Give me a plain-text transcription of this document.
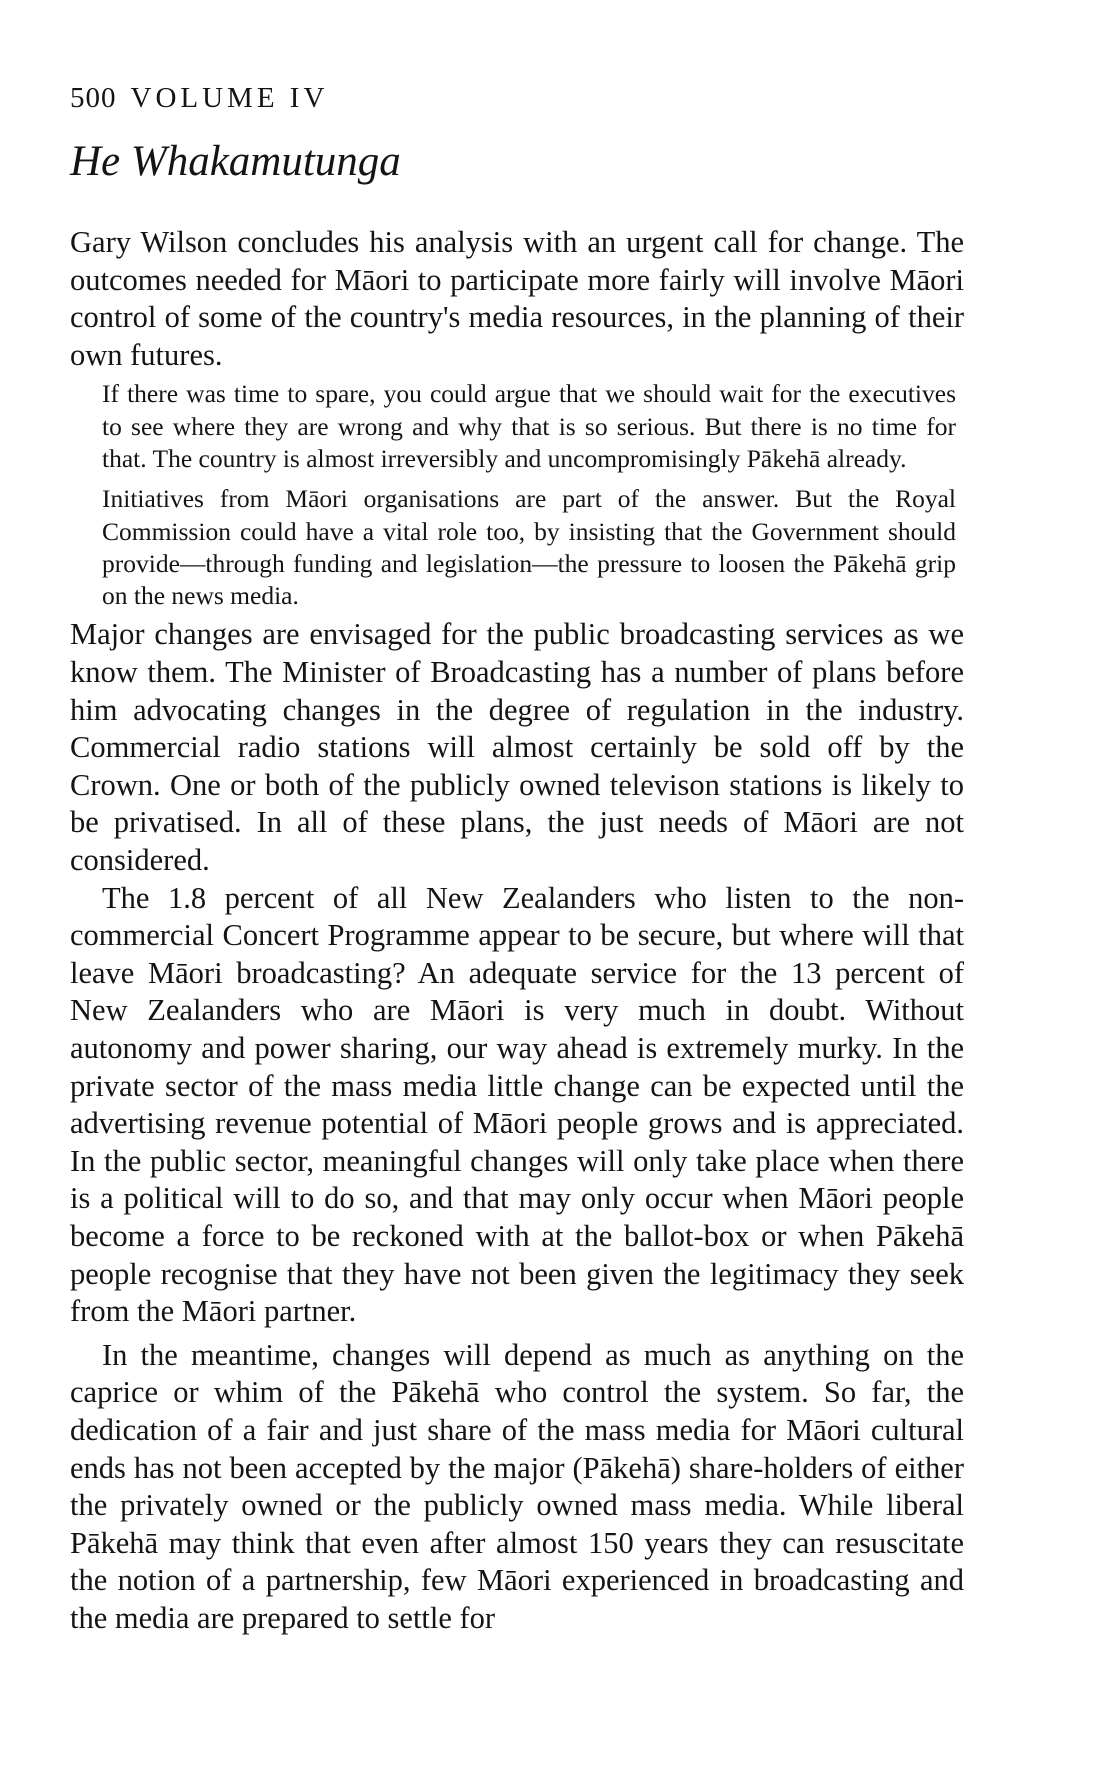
500 VOLUME IV
He Whakamutunga

Gary Wilson concludes his analysis with an urgent call for change. The outcomes needed for Māori to participate more fairly will involve Māori control of some of the country's media resources, in the planning of their own futures.

If there was time to spare, you could argue that we should wait for the executives to see where they are wrong and why that is so serious. But there is no time for that. The country is almost irreversibly and uncompromisingly Pākehā already.

Initiatives from Māori organisations are part of the answer. But the Royal Commission could have a vital role too, by insisting that the Government should provide—through funding and legislation—the pressure to loosen the Pākehā grip on the news media.

Major changes are envisaged for the public broadcasting services as we know them. The Minister of Broadcasting has a number of plans before him advocating changes in the degree of regulation in the industry. Commercial radio stations will almost certainly be sold off by the Crown. One or both of the publicly owned televison stations is likely to be privatised. In all of these plans, the just needs of Māori are not considered.

The 1.8 percent of all New Zealanders who listen to the non-commercial Concert Programme appear to be secure, but where will that leave Māori broadcasting? An adequate service for the 13 percent of New Zealanders who are Māori is very much in doubt. Without autonomy and power sharing, our way ahead is extremely murky. In the private sector of the mass media little change can be expected until the advertising revenue potential of Māori people grows and is appreciated. In the public sector, meaningful changes will only take place when there is a political will to do so, and that may only occur when Māori people become a force to be reckoned with at the ballot-box or when Pākehā people recognise that they have not been given the legitimacy they seek from the Māori partner.

In the meantime, changes will depend as much as anything on the caprice or whim of the Pākehā who control the system. So far, the dedication of a fair and just share of the mass media for Māori cultural ends has not been accepted by the major (Pākehā) share-holders of either the privately owned or the publicly owned mass media. While liberal Pākehā may think that even after almost 150 years they can resuscitate the notion of a partnership, few Māori experienced in broadcasting and the media are prepared to settle for
